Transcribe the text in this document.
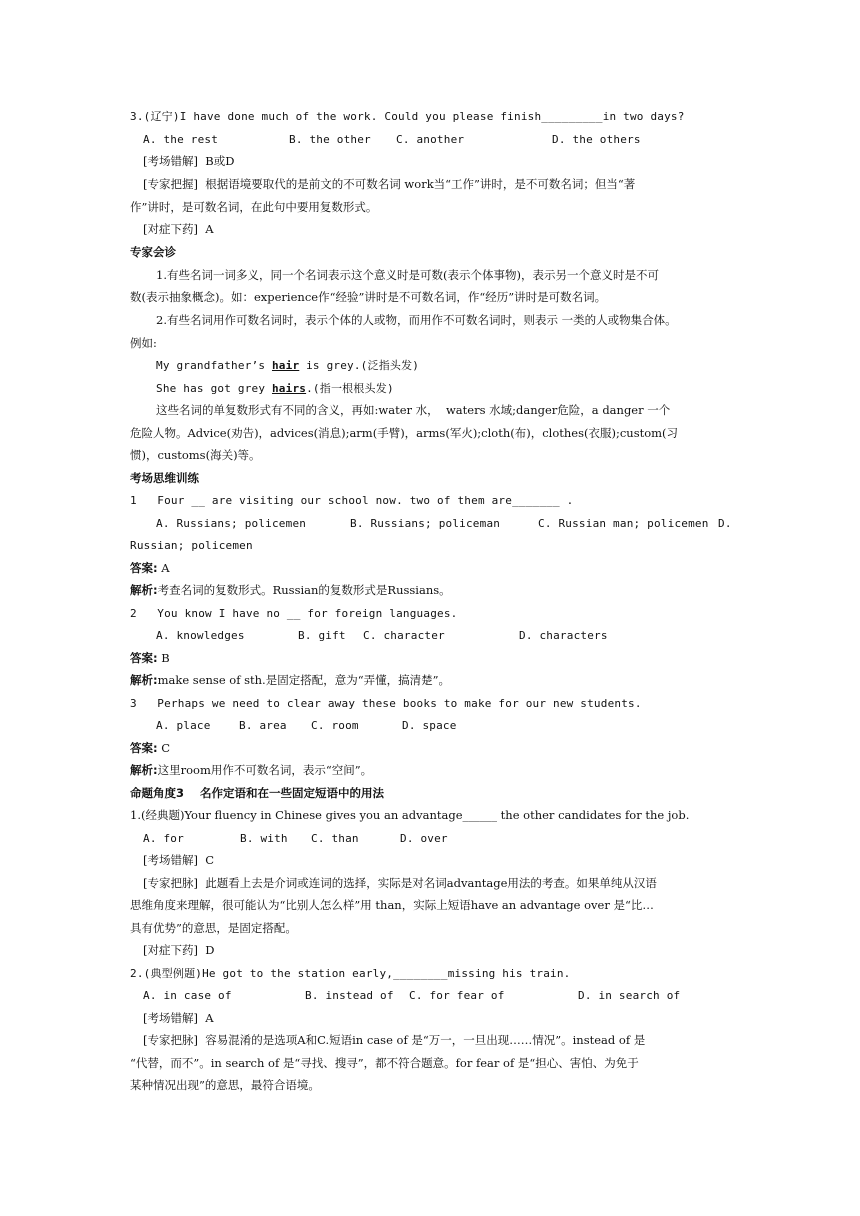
3.(辽宁)I have done much of the work. Could you please finish_________in two days?

A. the rest

	B. the other

C. another

	D. the others

[考场错解]  B或D
[专家把握]  根据语境要取代的是前文的不可数名词 work当“工作”讲时，是不可数名词；但当“著
作”讲时，是可数名词，在此句中要用复数形式。
[对症下药]  A
专家会诊
1.有些名词一词多义，同一个名词表示这个意义时是可数(表示个体事物)，表示另一个意义时是不可
数(表示抽象概念)。如：experience作“经验”讲时是不可数名词，作“经历”讲时是可数名词。
2.有些名词用作可数名词时，表示个体的人或物，而用作不可数名词时，则表示 一类的人或物集合体。
例如:
My grandfather’s hair is grey.(泛指头发)
She has got grey hairs.(指一根根头发)
这些名词的单复数形式有不同的含义，再如:water 水，  waters 水域;danger危险，a danger 一个
危险人物。Advice(劝告)，advices(消息);arm(手臂)，arms(军火);cloth(布)，clothes(衣服);custom(习
惯)，customs(海关)等。
考场思维训练
1   Four __ are visiting our school now. two of them are_______ .

A. Russians; policemen

	B. Russians; policeman

	C. Russian man; policemen

D.

Russian; policemen
答案: A
解析:考查名词的复数形式。Russian的复数形式是Russians。
2   You know I have no __ for foreign languages.

A. knowledges

	B. gift

C. character

	D. characters

答案: B
解析:make sense of sth.是固定搭配，意为“弄懂，搞清楚”。
3   Perhaps we need to clear away these books to make for our new students.

A. place

	B. area

C. room

	D. space

答案: C
解析:这里room用作不可数名词，表示“空间”。
命题角度3    名作定语和在一些固定短语中的用法
1.(经典题)Your fluency in Chinese gives you an advantage______ the other candidates for the job.

A. for

	B. with

C. than

	D. over

[考场错解]  C
[专家把脉]  此题看上去是介词或连词的选择，实际是对名词advantage用法的考查。如果单纯从汉语
思维角度来理解，很可能认为“比别人怎么样”用 than，实际上短语have an advantage over 是“比…
具有优势”的意思，是固定搭配。
[对症下药]  D
2.(典型例题)He got to the station early,________missing his train.

A. in case of

	B. instead of

C. for fear of

	D. in search of

[考场错解]  A
[专家把脉]  容易混淆的是选项A和C.短语in case of 是“万一，一旦出现……情况”。instead of 是
“代替，而不”。in search of 是“寻找、搜寻”，都不符合题意。for fear of 是“担心、害怕、为免于
某种情况出现”的意思，最符合语境。
